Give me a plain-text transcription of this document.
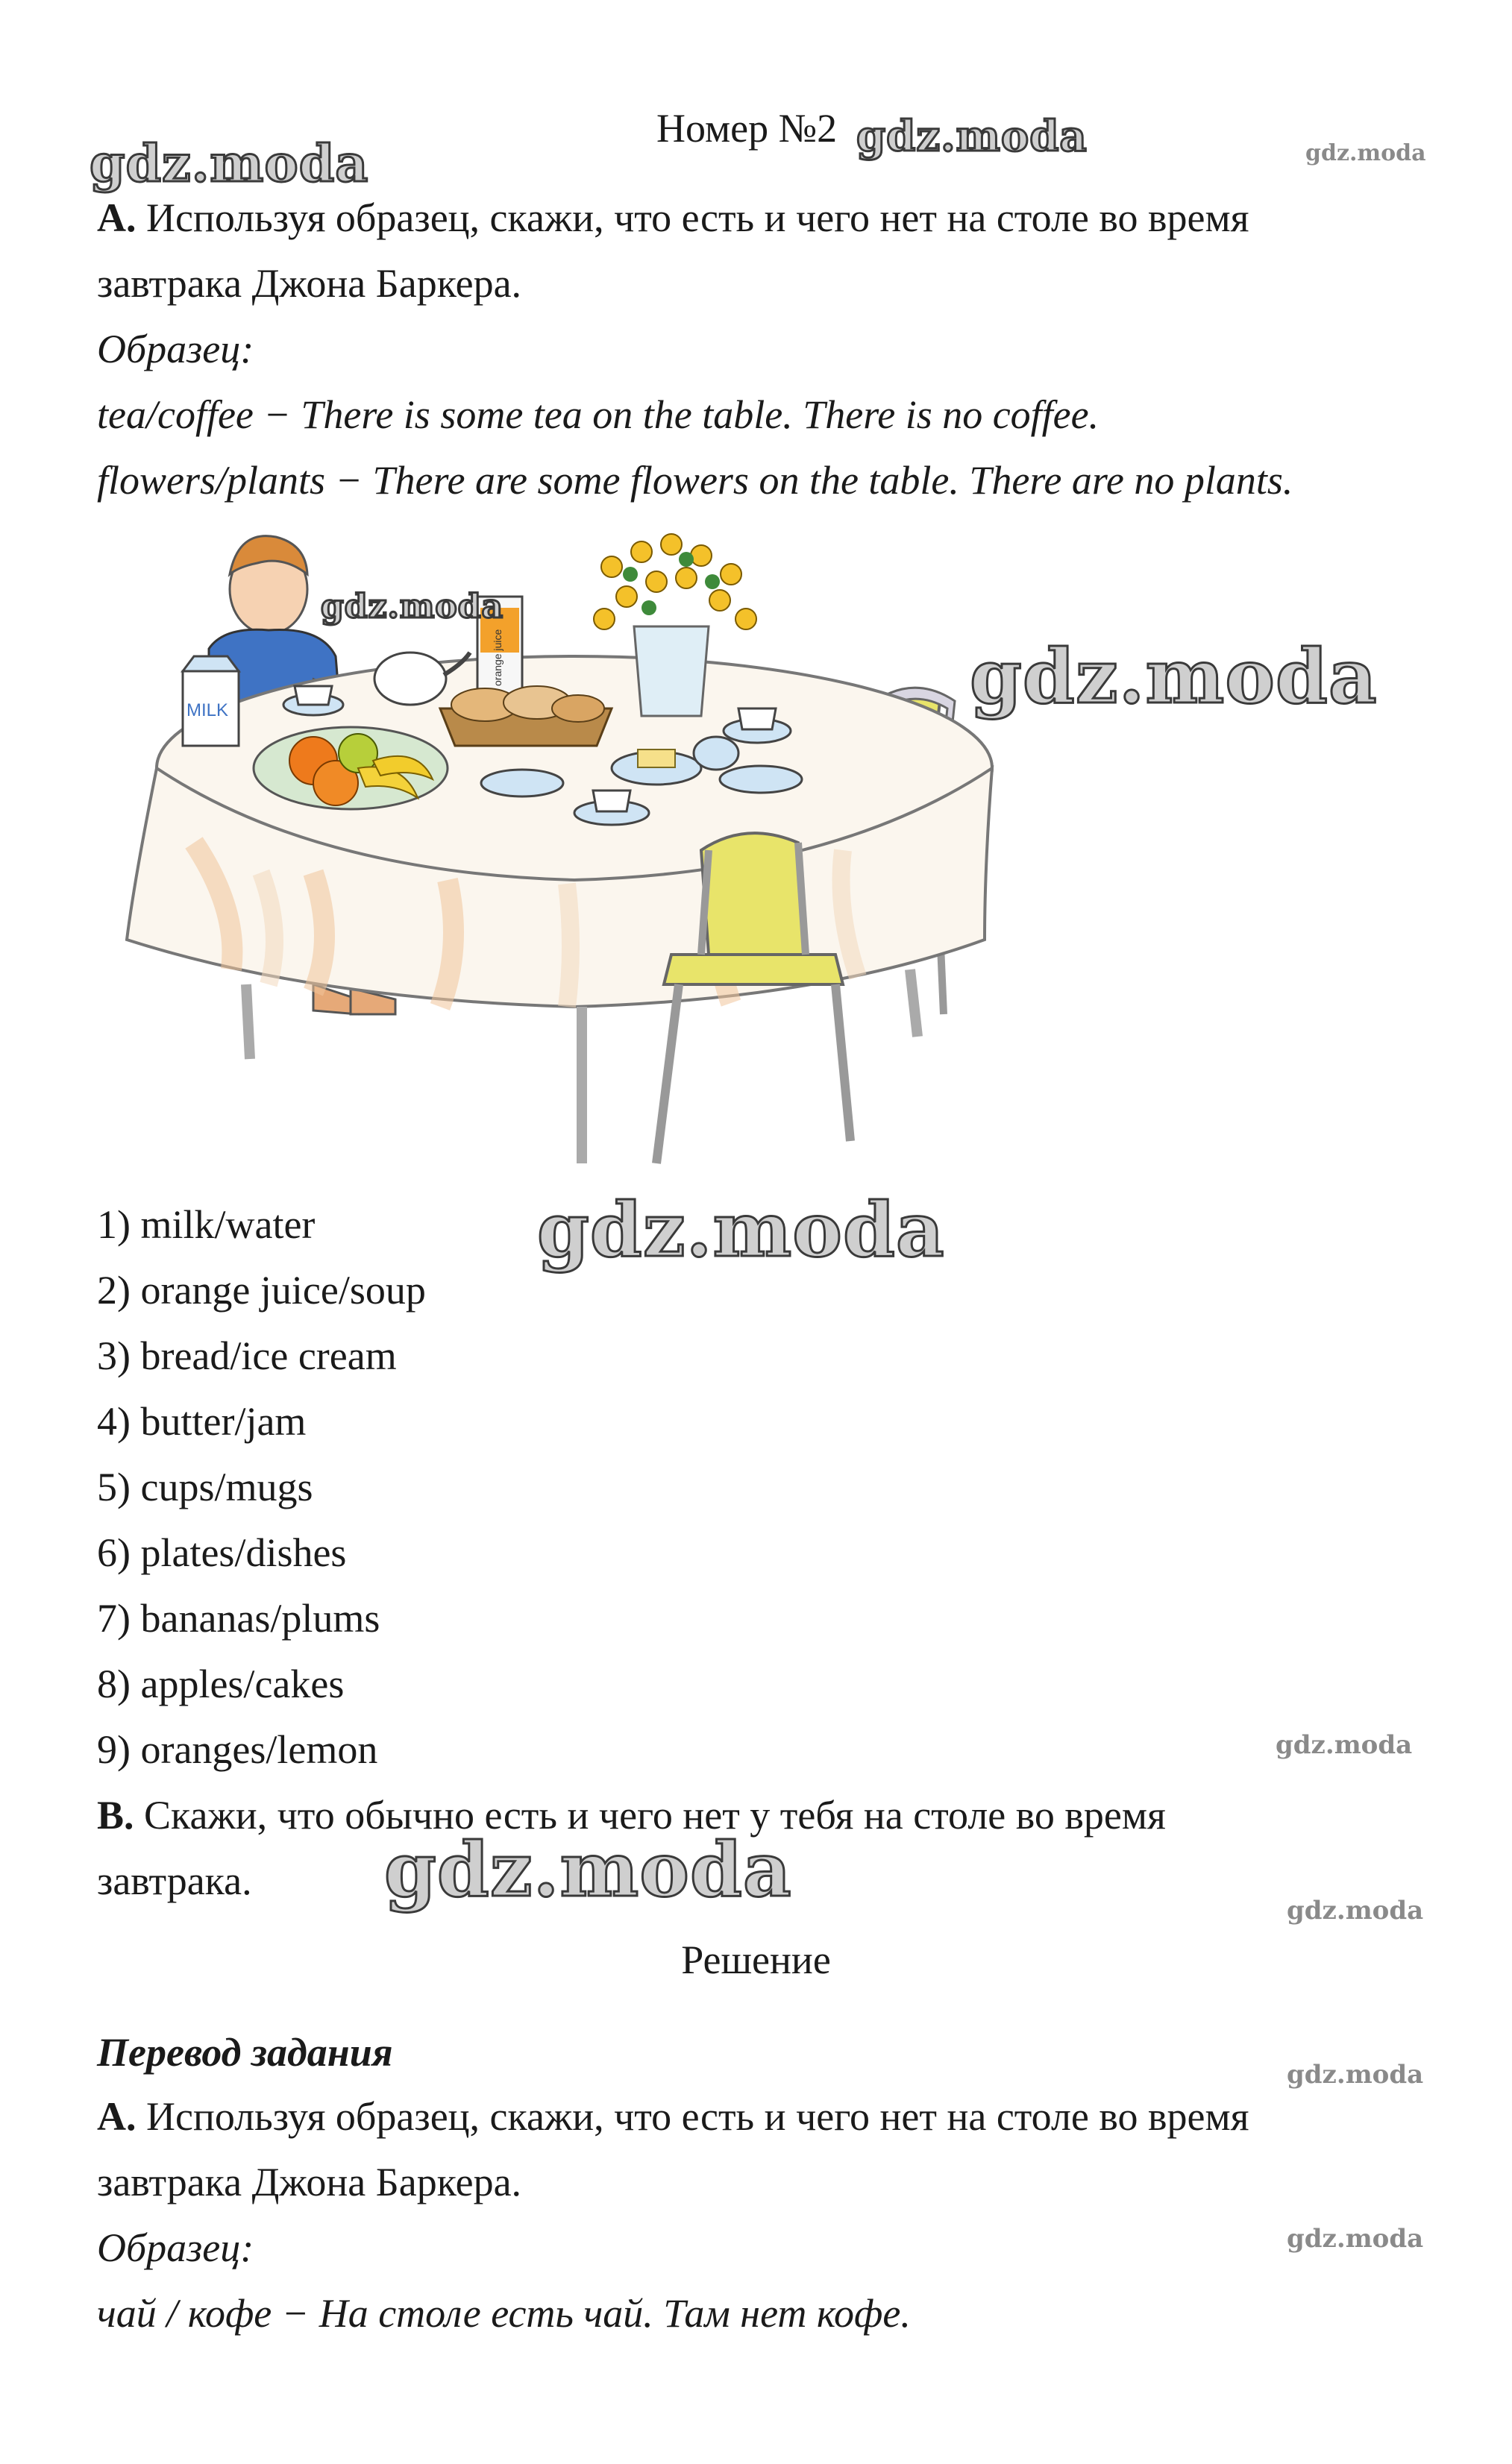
Номер №2
gdz.moda	gdz.moda	gdz.moda
А. Используя образец, скажи, что есть и чего нет на столе во время
завтрака Джона Баркера.
Образец:
tea/coffee − There is some tea on the table. There is no coffee.
flowers/plants − There are some flowers on the table. There are no plants.
MILK
orange juice
gdz.moda
gdz.moda
1) milk/water
2) orange juice/soup
3) bread/ice cream
4) butter/jam
5) cups/mugs
6) plates/dishes
7) bananas/plums
8) apples/cakes
9) oranges/lemon
gdz.moda
gdz.moda
B. Скажи, что обычно есть и чего нет у тебя на столе во время
завтрака. gdz.moda	gdz.moda
Решение
Перевод задания	gdz.moda
А. Используя образец, скажи, что есть и чего нет на столе во время
завтрака Джона Баркера.
Образец:	gdz.moda
чай / кофе − На столе есть чай. Там нет кофе.
